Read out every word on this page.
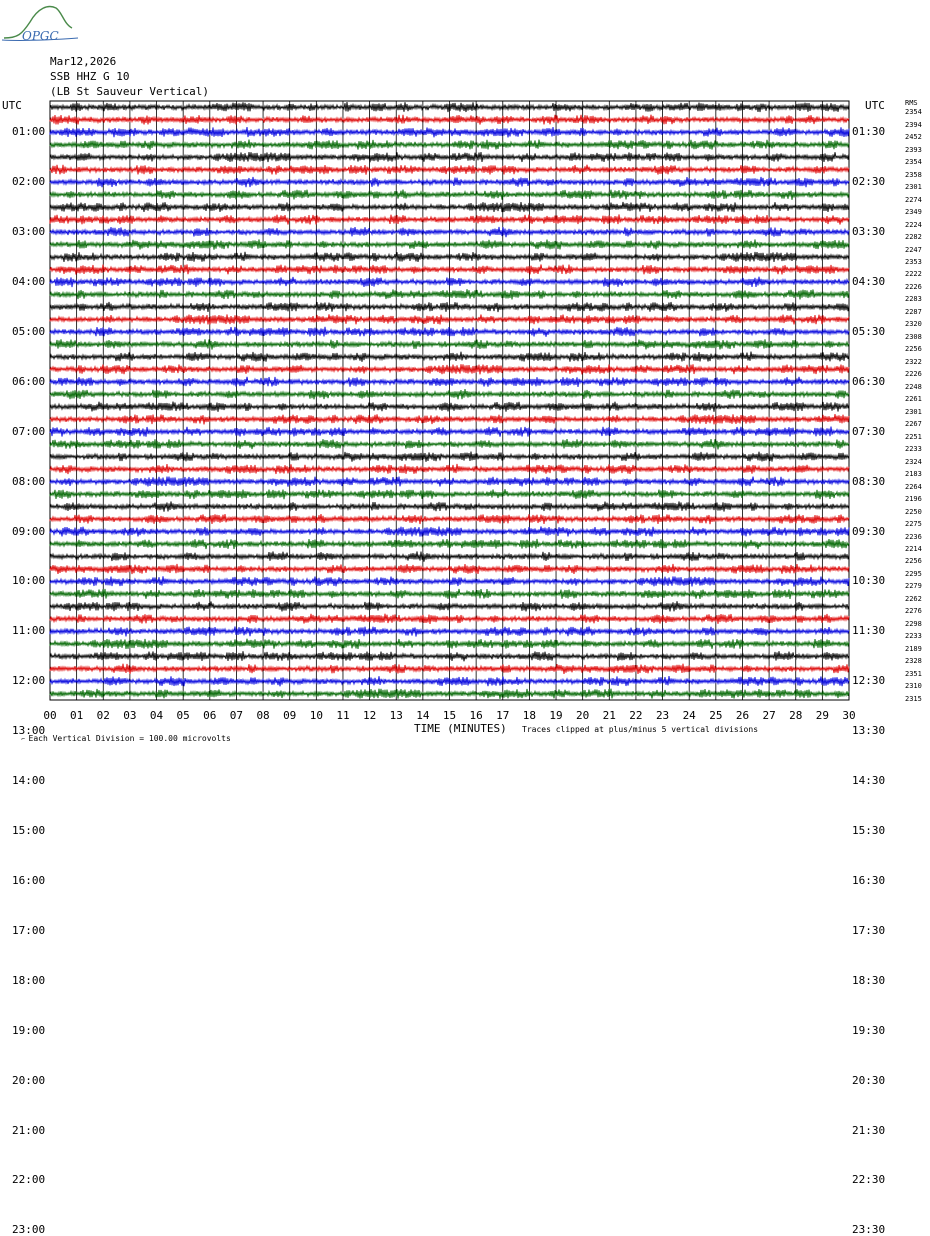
OPGC
Mar12,2026
SSB HHZ G 10
(LB St Sauveur Vertical)
UTC	UTC	RMS
01:00
02:00
03:00
04:00
05:00
06:00
07:00
08:00
09:00
10:00
11:00
12:00
13:00
14:00
15:00
16:00
17:00
18:00
19:00
20:00
21:00
22:00
23:00
01:30
02:30
03:30
04:30
05:30
06:30
07:30
08:30
09:30
10:30
11:30
12:30
13:30
14:30
15:30
16:30
17:30
18:30
19:30
20:30
21:30
22:30
23:30
2354
2394
2452
2393
2354
2358
2301
2274
2349
2224
2282
2247
2353
2222
2226
2283
2287
2320
2308
2256
2322
2226
2248
2261
2301
2267
2251
2233
2324
2183
2264
2196
2250
2275
2236
2214
2256
2295
2279
2262
2276
2298
2233
2189
2328
2351
2310
2315
00	01	02	03	04	05	06	07	08	09	10	11	12	13	14	15	16	17	18	19	20	21	22	23	24	25	26	27	28	29	30
TIME (MINUTES)

⌐ Each Vertical Division = 100.00 microvolts

Traces clipped at plus/minus 5 vertical divisions
